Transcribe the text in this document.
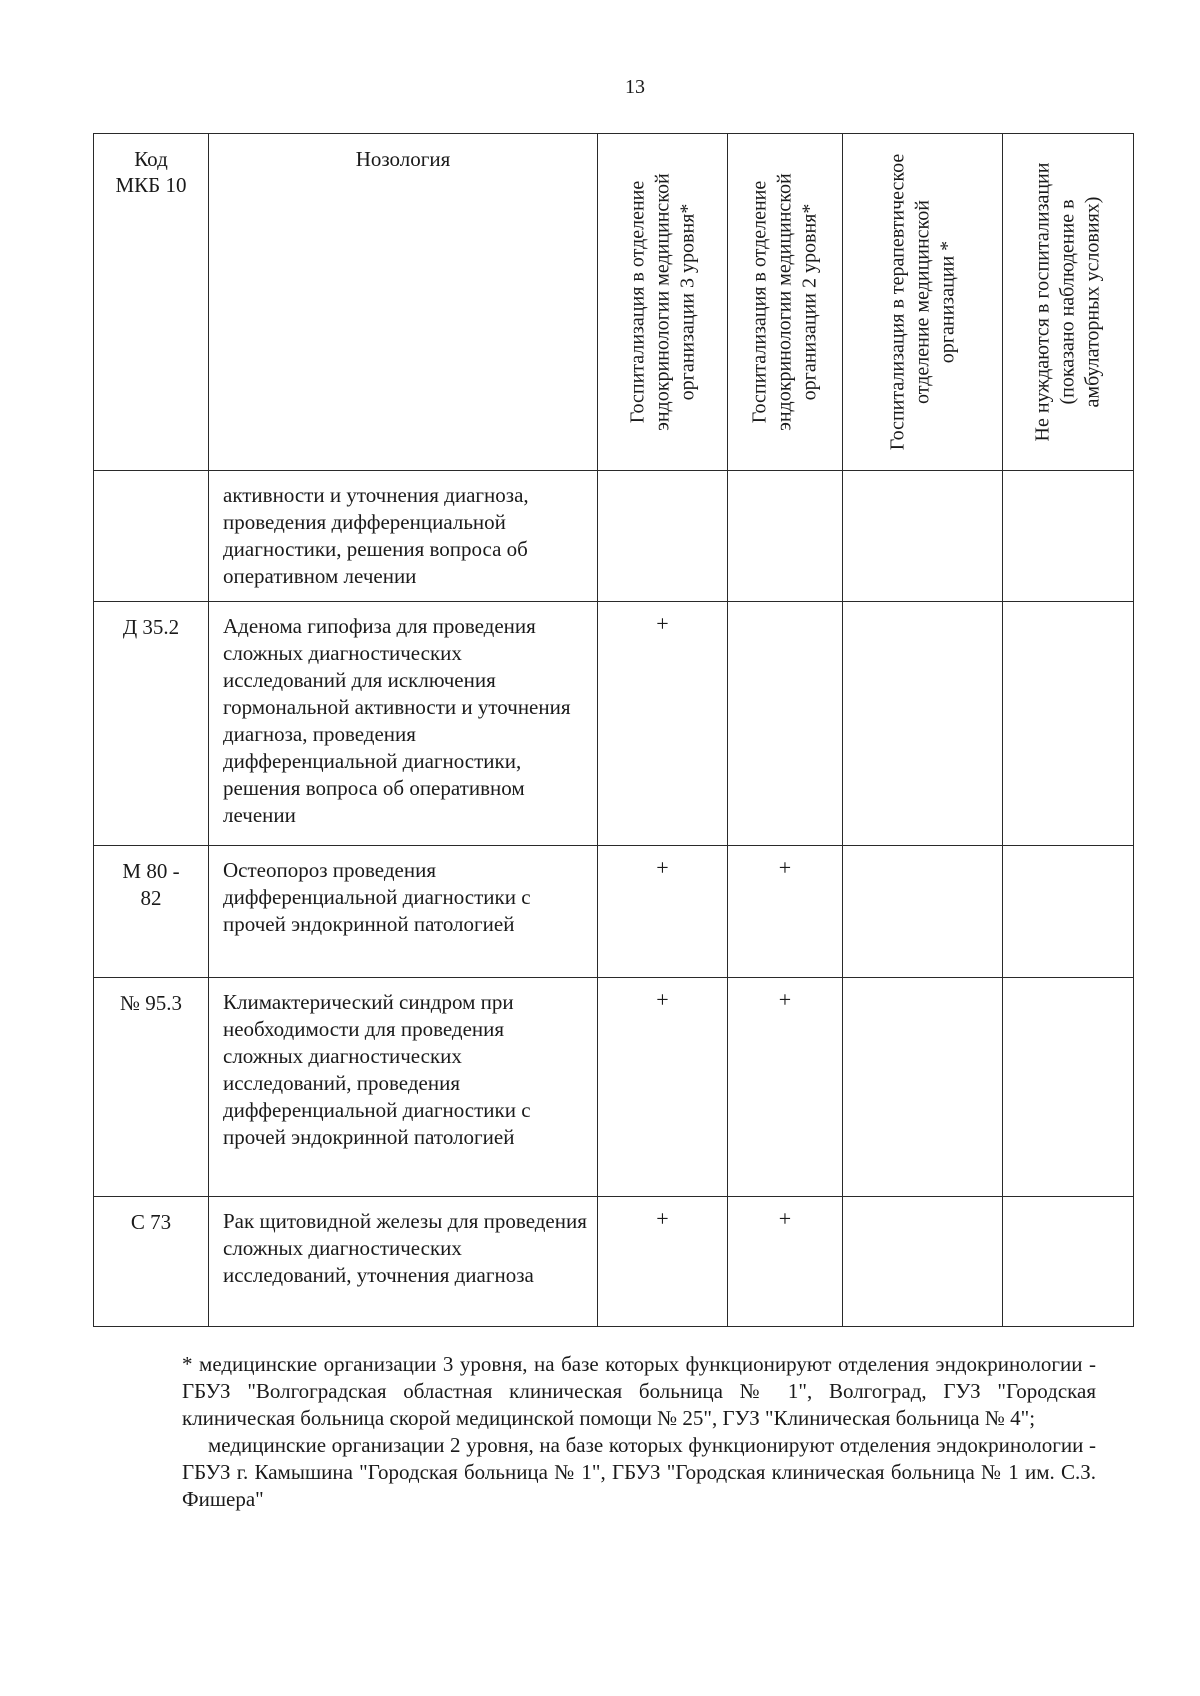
13
Код МКБ 10	Нозология	Госпитализация в отделение эндокринологии медицинской организации 3 уровня*	Госпитализация в отделение эндокринологии медицинской организации 2 уровня*	Госпитализация в терапевтическое отделение медицинской организации *	Не нуждаются в госпитализации (показано наблюдение в амбулаторных условиях)

	активности и уточнения диагноза, проведения дифференциальной диагностики, решения вопроса об оперативном лечении				
Д 35.2	Аденома гипофиза для проведения сложных диагностических исследований для исключения гормональной активности и уточнения диагноза, проведения дифференциальной диагностики, решения вопроса об оперативном лечении	+			
М 80 - 82	Остеопороз проведения дифференциальной диагностики с прочей эндокринной патологией	+	+		
№ 95.3	Климактерический синдром при необходимости для проведения сложных диагностических исследований, проведения дифференциальной диагностики с прочей эндокринной патологией	+	+		
С 73	Рак щитовидной железы для проведения сложных диагностических исследований, уточнения диагноза	+	+		

* медицинские организации 3 уровня, на базе которых функционируют отделения эндокринологии - ГБУЗ "Волгоградская областная клиническая больница № 1", Волгоград, ГУЗ "Городская клиническая больница скорой медицинской помощи № 25", ГУЗ "Клиническая больница № 4";

медицинские организации 2 уровня, на базе которых функционируют отделения эндокринологии - ГБУЗ г. Камышина "Городская больница № 1", ГБУЗ "Городская клиническая больница № 1 им. С.З. Фишера"
